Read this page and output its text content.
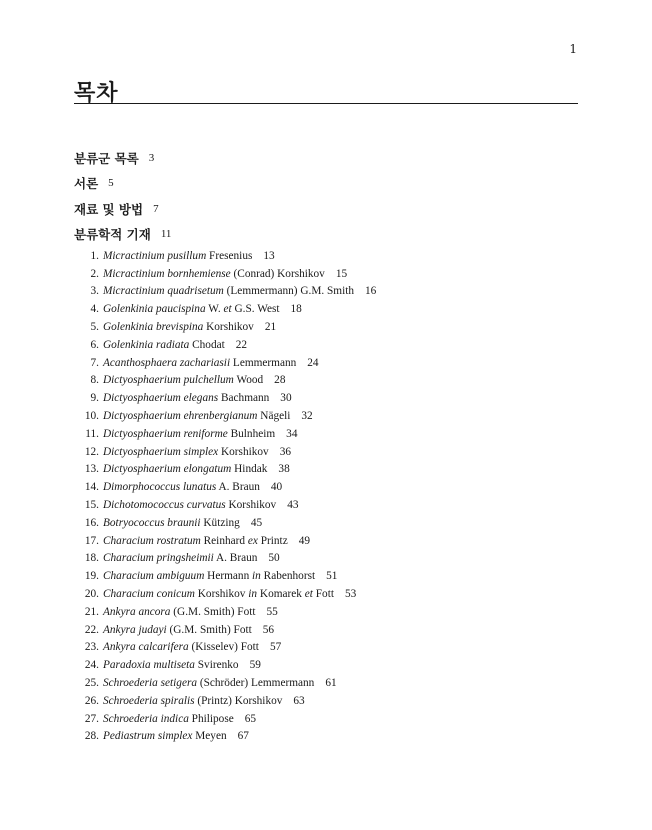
1
목차
분류군 목록 3
서론 5
재료 및 방법 7
분류학적 기재 11
1. Micractinium pusillum Fresenius 13
2. Micractinium bornhemiense (Conrad) Korshikov 15
3. Micractinium quadrisetum (Lemmermann) G.M. Smith 16
4. Golenkinia paucispina W. et G.S. West 18
5. Golenkinia brevispina Korshikov 21
6. Golenkinia radiata Chodat 22
7. Acanthosphaera zachariasii Lemmermann 24
8. Dictyosphaerium pulchellum Wood 28
9. Dictyosphaerium elegans Bachmann 30
10. Dictyosphaerium ehrenbergianum Nägeli 32
11. Dictyosphaerium reniforme Bulnheim 34
12. Dictyosphaerium simplex Korshikov 36
13. Dictyosphaerium elongatum Hindak 38
14. Dimorphococcus lunatus A. Braun 40
15. Dichotomococcus curvatus Korshikov 43
16. Botryococcus braunii Kützing 45
17. Characium rostratum Reinhard ex Printz 49
18. Characium pringsheimii A. Braun 50
19. Characium ambiguum Hermann in Rabenhorst 51
20. Characium conicum Korshikov in Komarek et Fott 53
21. Ankyra ancora (G.M. Smith) Fott 55
22. Ankyra judayi (G.M. Smith) Fott 56
23. Ankyra calcarifera (Kisselev) Fott 57
24. Paradoxia multiseta Svirenko 59
25. Schroederia setigera (Schröder) Lemmermann 61
26. Schroederia spiralis (Printz) Korshikov 63
27. Schroederia indica Philipose 65
28. Pediastrum simplex Meyen 67
